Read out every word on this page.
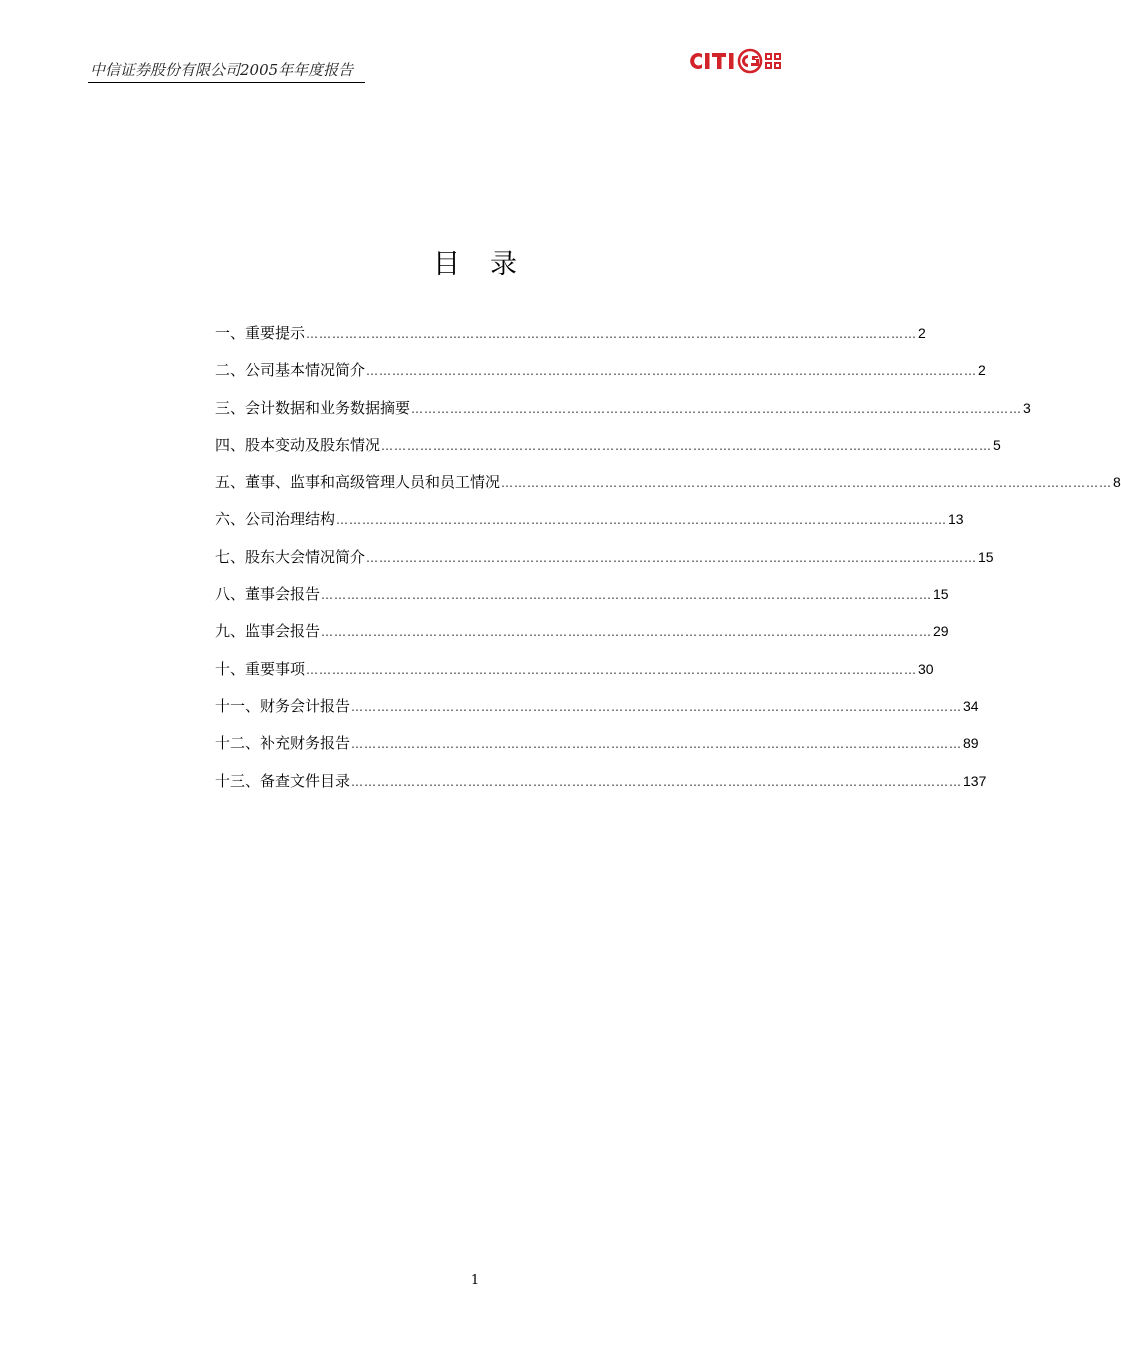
中信证券股份有限公司2005年年度报告
目录
一、重要提示 …………………………………………………………………………………………………………………………… 2
二、公司基本情况简介 …………………………………………………………………………………………………………………………… 2
三、会计数据和业务数据摘要 …………………………………………………………………………………………………………………………… 3
四、股本变动及股东情况 …………………………………………………………………………………………………………………………… 5
五、董事、监事和高级管理人员和员工情况 …………………………………………………………………………………………………………………………… 8
六、公司治理结构 …………………………………………………………………………………………………………………………… 13
七、股东大会情况简介 …………………………………………………………………………………………………………………………… 15
八、董事会报告 …………………………………………………………………………………………………………………………… 15
九、监事会报告 …………………………………………………………………………………………………………………………… 29
十、重要事项 …………………………………………………………………………………………………………………………… 30
十一、财务会计报告 …………………………………………………………………………………………………………………………… 34
十二、补充财务报告 …………………………………………………………………………………………………………………………… 89
十三、备查文件目录 …………………………………………………………………………………………………………………………… 137
1
